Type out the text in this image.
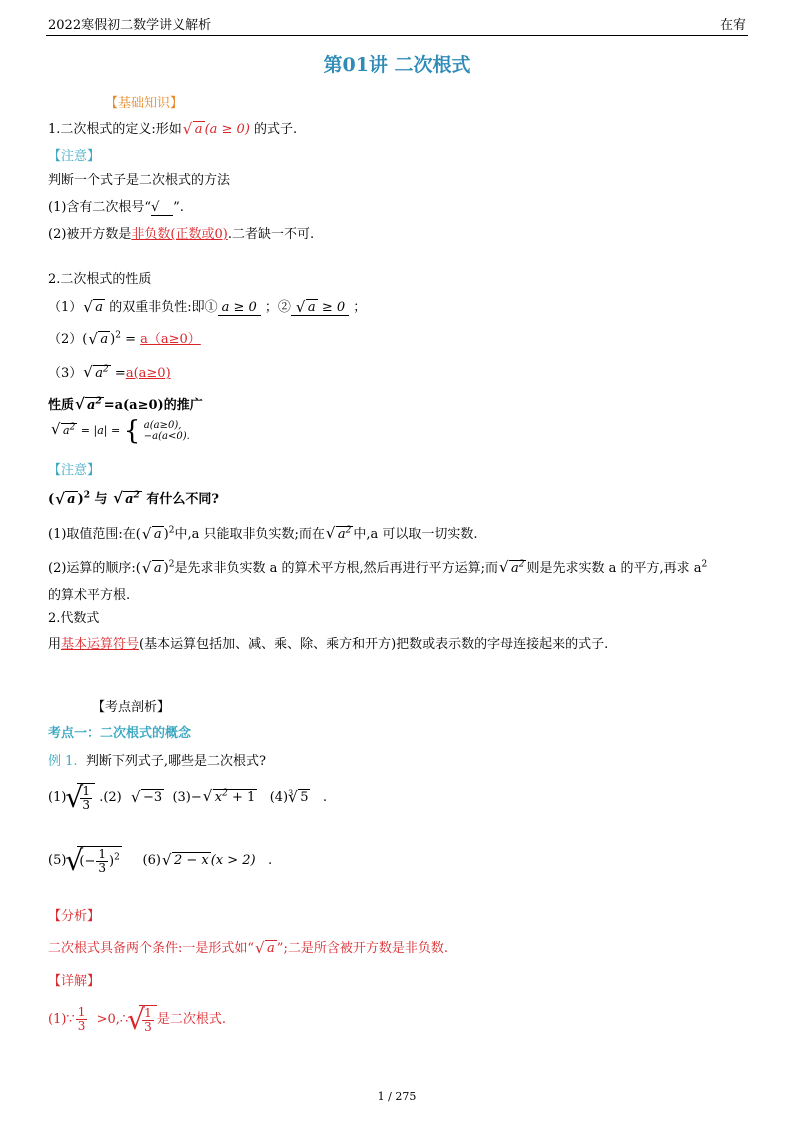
2022寒假初二数学讲义解析	在宥
第01讲 二次根式
【基础知识】
1.二次根式的定义:形如√ a (a ≥ 0) 的式子.
【注意】
判断一个式子是二次根式的方法
(1)含有二次根号“√ ”.
(2)被开方数是非负数(正数或0).二者缺一不可.
2.二次根式的性质
（1）√ a 的双重非负性:即① a ≥ 0 ；②√ a ≥ 0 ；
（2）(√ a )$^2$ = a（a≥0）
（3）√ $a^2 =a(a\ge 0)$
性质√ $a^2 =a(a\ge 0)$的推广
√ $a^2 = |a|$ = { a(a≥0),
−a(a<0).
【注意】
(√ a )$^2$ 与 √ $a^2$ 有什么不同?
(1)取值范围:在(√ a )$^2$中,a 只能取非负实数;而在√ $a^2$ 中,a 可以取一切实数.
(2)运算的顺序:(√ a )$^2$是先求非负实数 a 的算术平方根,然后再进行平方运算;而√ $a^2$ 则是先求实数 a 的平方,再求 $a^2$
的算术平方根.
2.代数式
用基本运算符号(基本运算包括加、减、乘、除、乘方和开方)把数或表示数的字母连接起来的式子.
【考点剖析】
考点一：二次根式的概念
例 1. 判断下列式子,哪些是二次根式?
(1)
√ $\frac{1}{3} .(2)$  √ −3 (3)−√ $x^2 + 1$ $(4)^3√$ 5 .
(5)√ (− $\frac{1}{3} )^2$ (6)√ 2 − x (x > 2) .
【分析】
二次根式具备两个条件:一是形式如“√ a ”;二是所含被开方数是非负数.
【详解】
(1)∵ $\frac{1}{3}$ >0,∴
√ $\frac{1}{3}$ 是二次根式.
1 / 275
